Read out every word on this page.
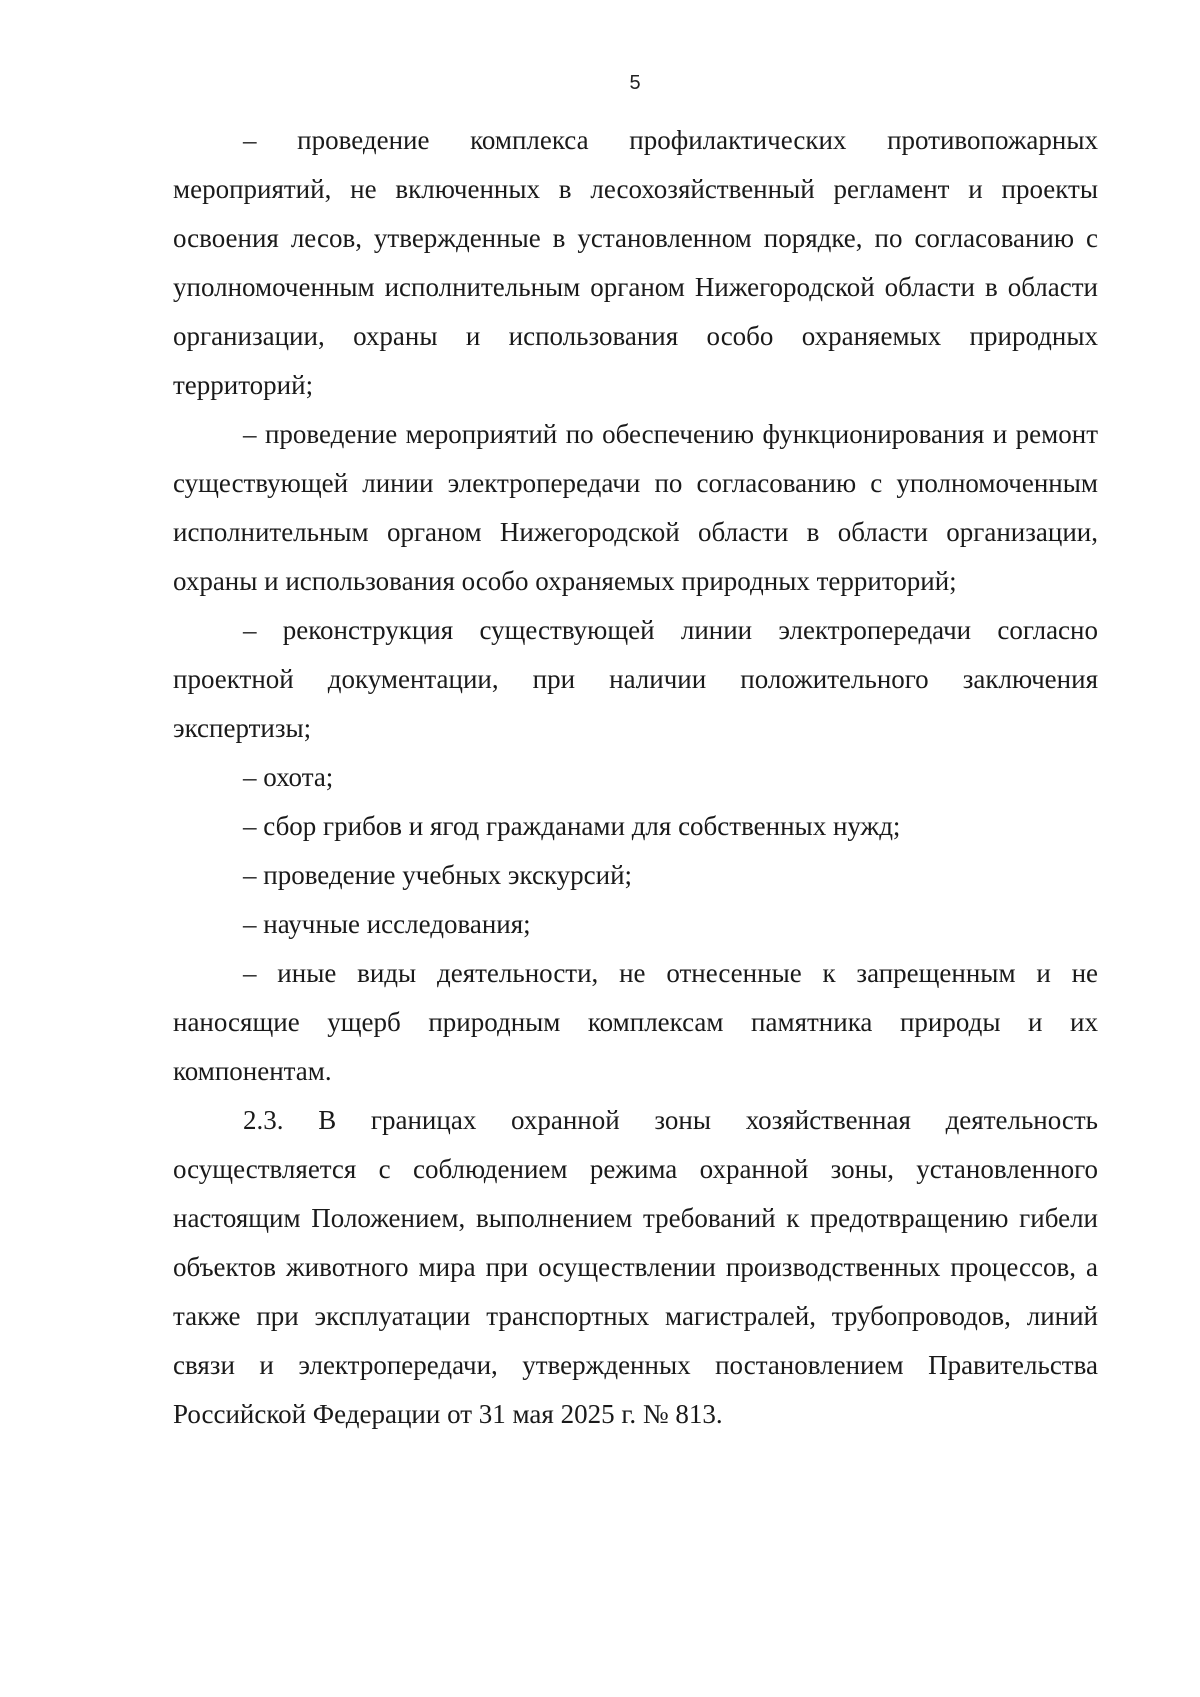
5

– проведение комплекса профилактических противопожарных мероприятий, не включенных в лесохозяйственный регламент и проекты освоения лесов, утвержденные в установленном порядке, по согласованию с уполномоченным исполнительным органом Нижегородской области в области организации, охраны и использования особо охраняемых природных территорий;

– проведение мероприятий по обеспечению функционирования и ремонт существующей линии электропередачи по согласованию с уполномоченным исполнительным органом Нижегородской области в области организации, охраны и использования особо охраняемых природных территорий;

– реконструкция существующей линии электропередачи согласно проектной документации, при наличии положительного заключения экспертизы;

– охота;

– сбор грибов и ягод гражданами для собственных нужд;

– проведение учебных экскурсий;

– научные исследования;

– иные виды деятельности, не отнесенные к запрещенным и не наносящие ущерб природным комплексам памятника природы и их компонентам.

2.3. В границах охранной зоны хозяйственная деятельность осуществляется с соблюдением режима охранной зоны, установленного настоящим Положением, выполнением требований к предотвращению гибели объектов животного мира при осуществлении производственных процессов, а также при эксплуатации транспортных магистралей, трубопроводов, линий связи и электропередачи, утвержденных постановлением Правительства Российской Федерации от 31 мая 2025 г. № 813.
